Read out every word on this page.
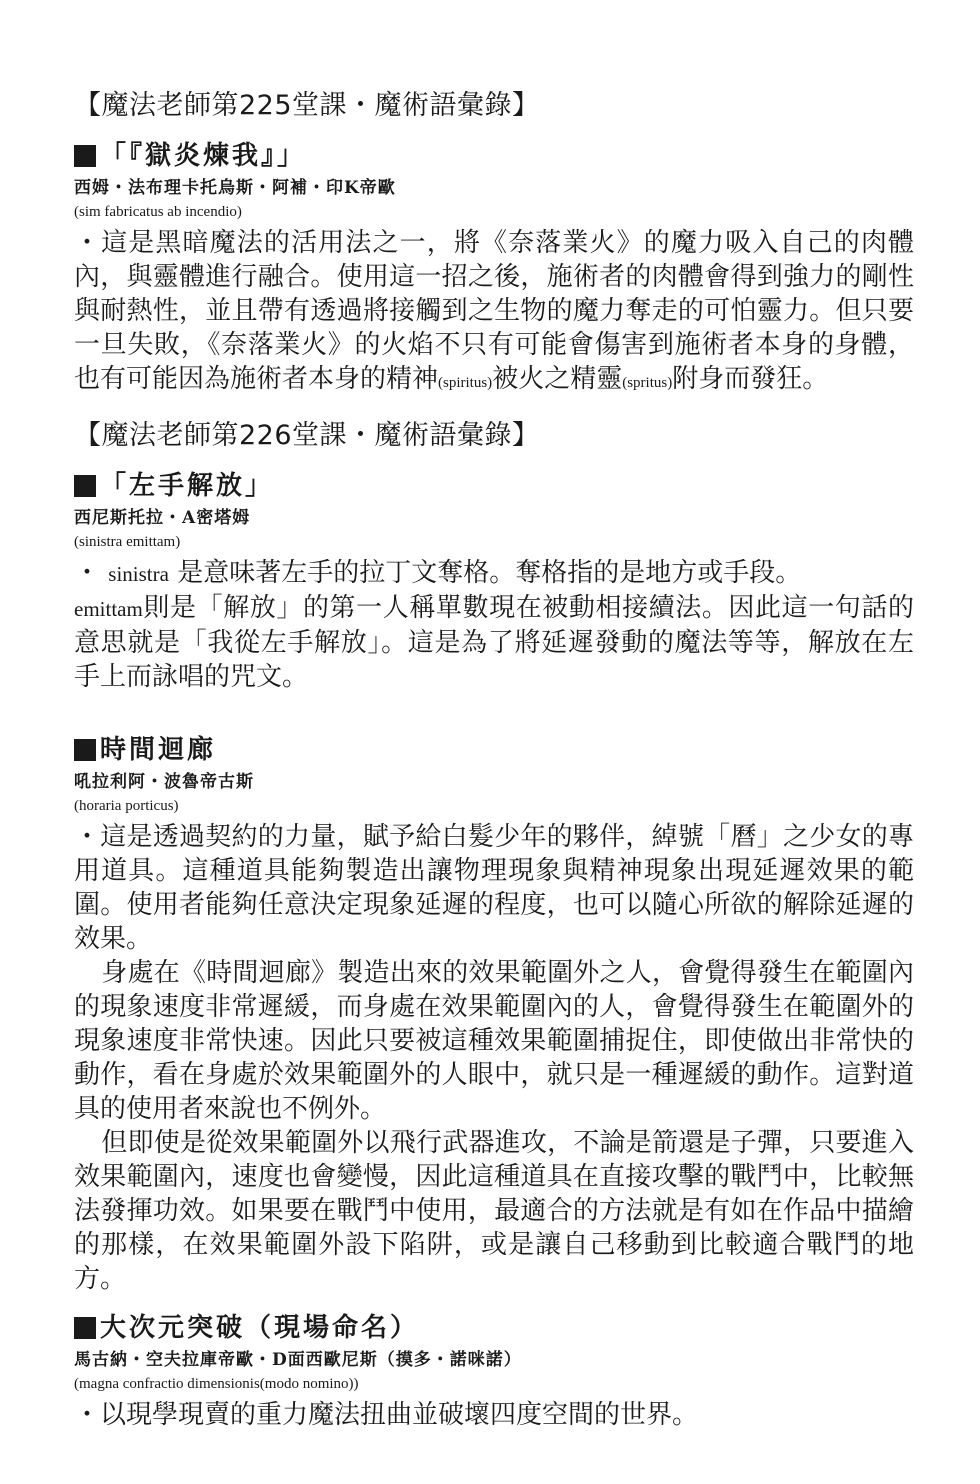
【魔法老師第225堂課・魔術語彙錄】
「『獄炎煉我』」
西姆・法布理卡托烏斯・阿補・印K帝歐
(sim fabricatus ab incendio)

・這是黑暗魔法的活用法之一，將《奈落業火》的魔力吸入自己的肉體內，與靈體進行融合。使用這一招之後，施術者的肉體會得到強力的剛性與耐熱性，並且帶有透過將接觸到之生物的魔力奪走的可怕靈力。但只要一旦失敗，《奈落業火》的火焰不只有可能會傷害到施術者本身的身體，也有可能因為施術者本身的精神(spiritus)被火之精靈(spritus)附身而發狂。

【魔法老師第226堂課・魔術語彙錄】
「左手解放」
西尼斯托拉・A密塔姆
(sinistra emittam)

・ sinistra 是意味著左手的拉丁文奪格。奪格指的是地方或手段。
emittam則是「解放」的第一人稱單數現在被動相接續法。因此這一句話的意思就是「我從左手解放」。這是為了將延遲發動的魔法等等，解放在左手上而詠唱的咒文。

時間迴廊
吼拉利阿・波魯帝古斯
(horaria porticus)

・這是透過契約的力量，賦予給白髮少年的夥伴，綽號「曆」之少女的專用道具。這種道具能夠製造出讓物理現象與精神現象出現延遲效果的範圍。使用者能夠任意決定現象延遲的程度，也可以隨心所欲的解除延遲的效果。

身處在《時間迴廊》製造出來的效果範圍外之人，會覺得發生在範圍內的現象速度非常遲緩，而身處在效果範圍內的人，會覺得發生在範圍外的現象速度非常快速。因此只要被這種效果範圍捕捉住，即使做出非常快的動作，看在身處於效果範圍外的人眼中，就只是一種遲緩的動作。這對道具的使用者來說也不例外。

但即使是從效果範圍外以飛行武器進攻，不論是箭還是子彈，只要進入效果範圍內，速度也會變慢，因此這種道具在直接攻擊的戰鬥中，比較無法發揮功效。如果要在戰鬥中使用，最適合的方法就是有如在作品中描繪的那樣，在效果範圍外設下陷阱，或是讓自己移動到比較適合戰鬥的地方。

大次元突破（現場命名）
馬古納・空夫拉庫帝歐・D面西歐尼斯（摸多・諾咪諾）
(magna confractio dimensionis(modo nomino))

・以現學現賣的重力魔法扭曲並破壞四度空間的世界。
